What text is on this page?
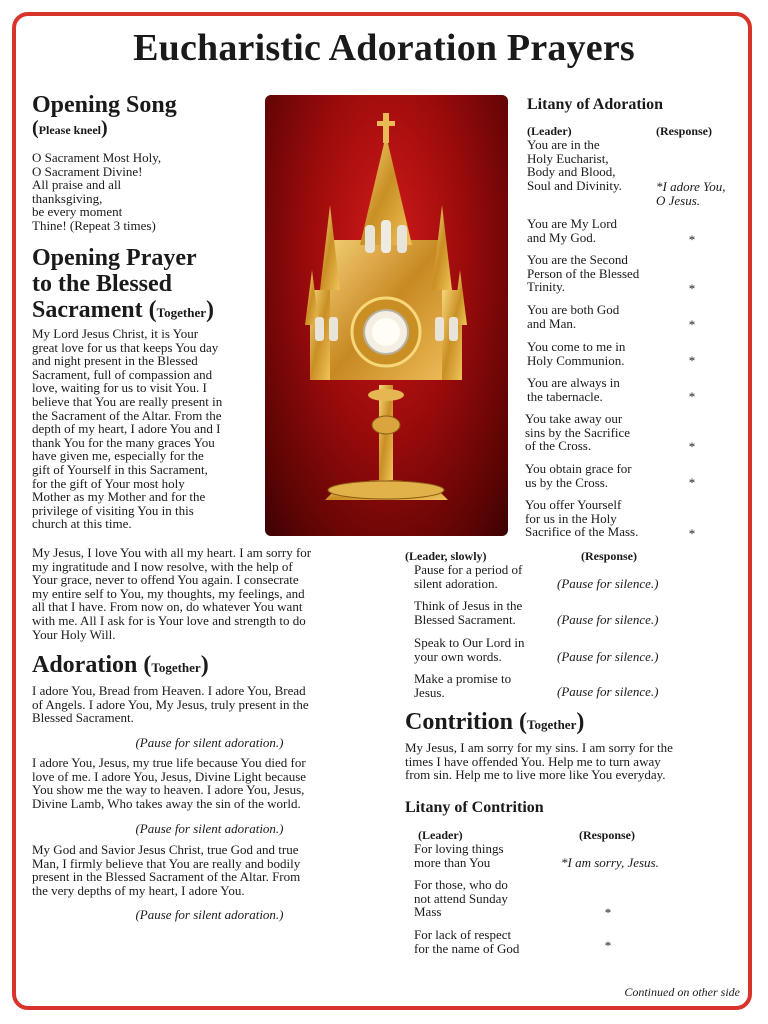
Eucharistic Adoration Prayers
Opening Song
(Please kneel)

O Sacrament Most Holy,

O Sacrament Divine!

All praise and all

thanksgiving,

be every moment

Thine! (Repeat 3 times)

Opening Prayer
to the Blessed
Sacrament (Together)

My Lord Jesus Christ, it is Your

great love for us that keeps You day

and night present in the Blessed

Sacrament, full of compassion and

love, waiting for us to visit You. I

believe that You are really present in

the Sacrament of the Altar. From the

depth of my heart, I adore You and I

thank You for the many graces You

have given me, especially for the

gift of Yourself in this Sacrament,

for the gift of Your most holy

Mother as my Mother and for the

privilege of visiting You in this

church at this time.

My Jesus, I love You with all my heart. I am sorry for

my ingratitude and I now resolve, with the help of

Your grace, never to offend You again. I consecrate

my entire self to You, my thoughts, my feelings, and

all that I have. From now on, do whatever You want

with me. All I ask for is Your love and strength to do

Your Holy Will.

Adoration (Together)

I adore You, Bread from Heaven. I adore You, Bread

of Angels. I adore You, My Jesus, truly present in the

Blessed Sacrament.

(Pause for silent adoration.)

I adore You, Jesus, my true life because You died for

love of me. I adore You, Jesus, Divine Light because

You show me the way to heaven. I adore You, Jesus,

Divine Lamb, Who takes away the sin of the world.

(Pause for silent adoration.)

My God and Savior Jesus Christ, true God and true

Man, I firmly believe that You are really and bodily

present in the Blessed Sacrament of the Altar. From

the very depths of my heart, I adore You.

(Pause for silent adoration.)
Litany of Adoration
(Leader)	(Response)

You are in the

Holy Eucharist,

Body and Blood,

Soul and Divinity.	*I adore You,
O Jesus.

You are My Lord

and My God.	*

You are the Second

Person of the Blessed

Trinity.	*

You are both God

and Man.	*

You come to me in

Holy Communion.	*

You are always in

the tabernacle.	*

You take away our

sins by the Sacrifice

of the Cross.	*

You obtain grace for

us by the Cross.	*

You offer Yourself

for us in the Holy

Sacrifice of the Mass.	*
(Leader, slowly)	(Response)

Pause for a period of

silent adoration.	(Pause for silence.)

Think of Jesus in the

Blessed Sacrament.	(Pause for silence.)

Speak to Our Lord in

your own words.	(Pause for silence.)

Make a promise to

Jesus.	(Pause for silence.)
Contrition (Together)

My Jesus, I am sorry for my sins. I am sorry for the

times I have offended You. Help me to turn away

from sin. Help me to live more like You everyday.

Litany of Contrition
(Leader)	(Response)

For loving things

more than You	*I am sorry, Jesus.

For those, who do

not attend Sunday

Mass	*

For lack of respect

for the name of God	*
Continued on other side
